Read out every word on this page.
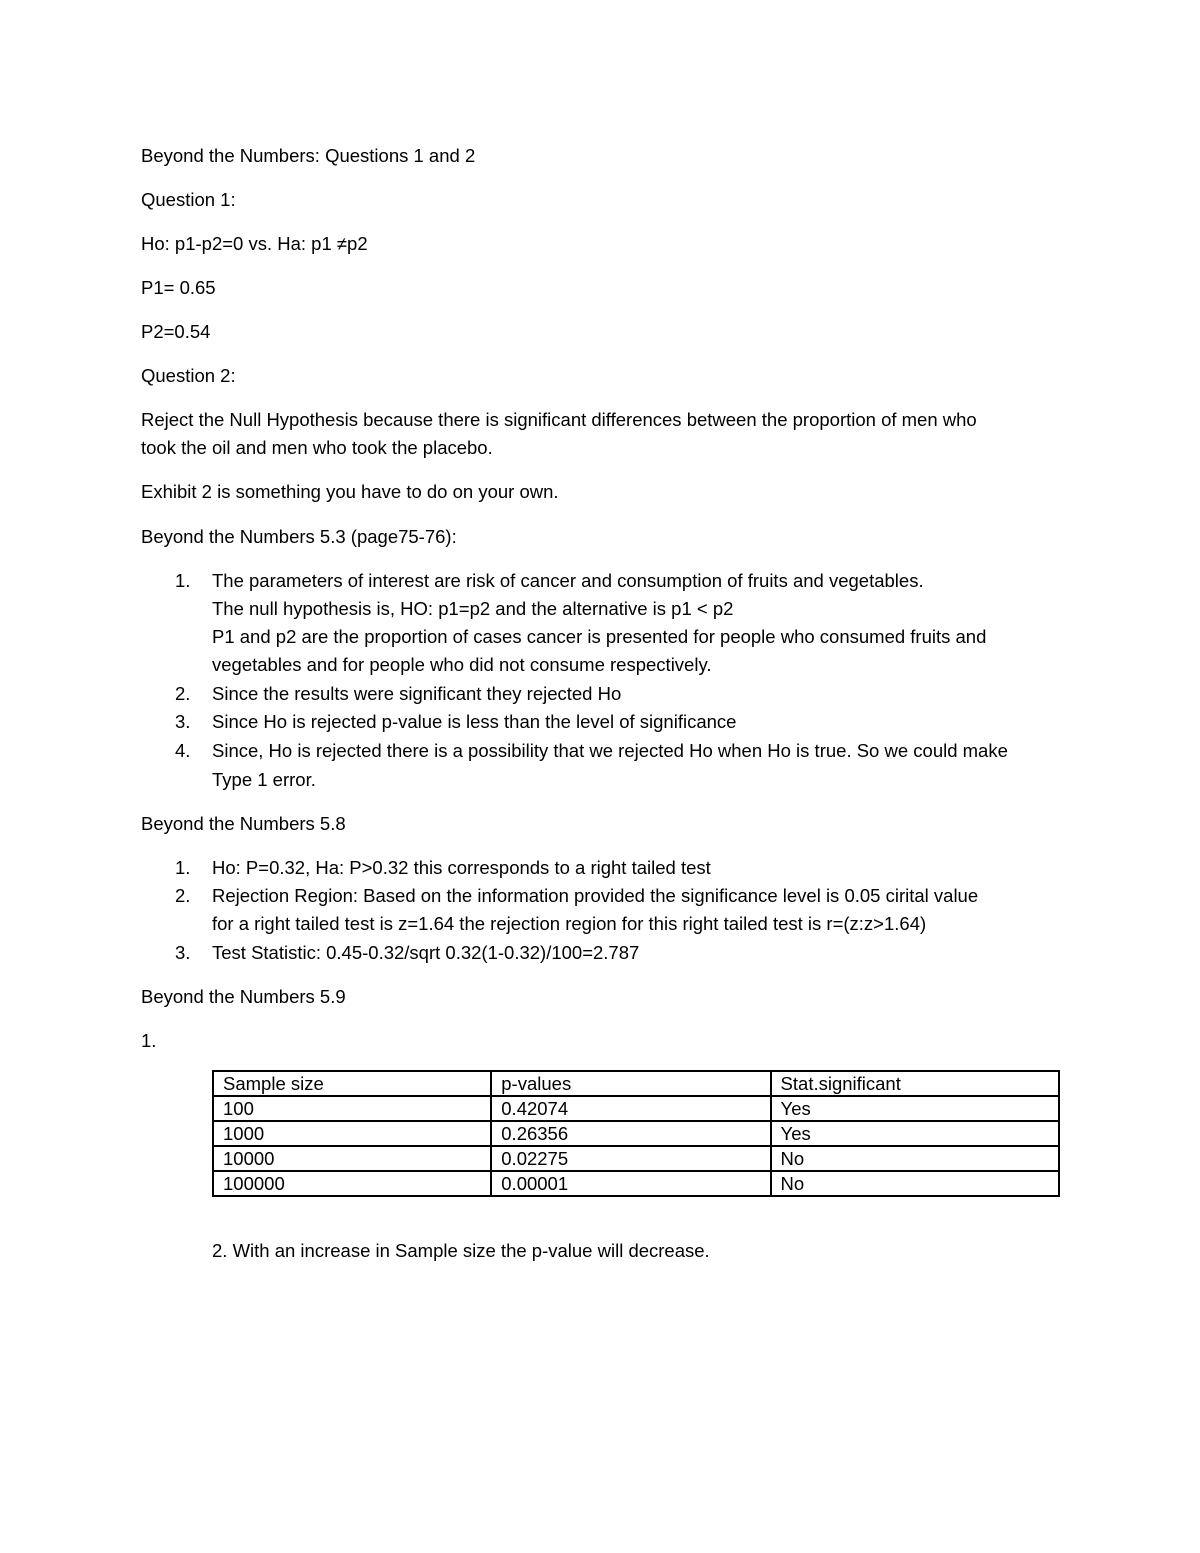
Beyond the Numbers: Questions 1 and 2
Question 1:
Ho: p1-p2=0 vs. Ha: p1 ≠p2
P1= 0.65
P2=0.54
Question 2:
Reject the Null Hypothesis because there is significant differences between the proportion of men who
took the oil and men who took the placebo.
Exhibit 2 is something you have to do on your own.
Beyond the Numbers 5.3 (page75-76):
1.	The parameters of interest are risk of cancer and consumption of fruits and vegetables.
The null hypothesis is, HO: p1=p2 and the alternative is p1 < p2
P1 and p2 are the proportion of cases cancer is presented for people who consumed fruits and
vegetables and for people who did not consume respectively.
2.	Since the results were significant they rejected Ho
3.	Since Ho is rejected p-value is less than the level of significance
4.	Since, Ho is rejected there is a possibility that we rejected Ho when Ho is true. So we could make
Type 1 error.
Beyond the Numbers 5.8
1.	Ho: P=0.32, Ha: P>0.32 this corresponds to a right tailed test
2.	Rejection Region: Based on the information provided the significance level is 0.05 cirital value
for a right tailed test is z=1.64 the rejection region for this right tailed test is r=(z:z>1.64)
3.	Test Statistic: 0.45-0.32/sqrt 0.32(1-0.32)/100=2.787
Beyond the Numbers 5.9
1.
Sample size	p-values	Stat.significant
100	0.42074	Yes
1000	0.26356	Yes
10000	0.02275	No
100000	0.00001	No
2. With an increase in Sample size the p-value will decrease.
